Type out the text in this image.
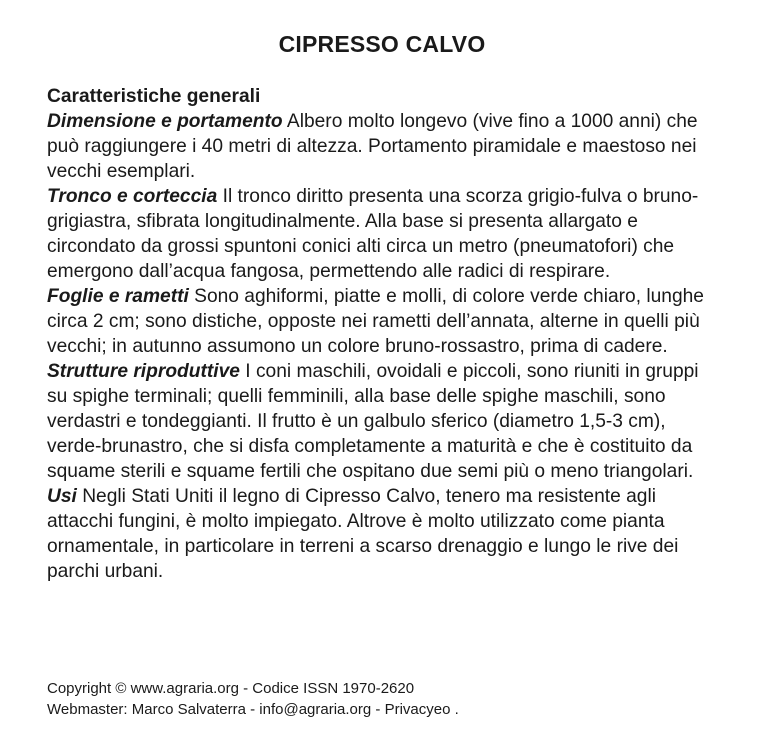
CIPRESSO CALVO
Caratteristiche generali
Dimensione e portamento Albero molto longevo (vive fino a 1000 anni) che può raggiungere i 40 metri di altezza. Portamento piramidale e maestoso nei vecchi esemplari.
Tronco e corteccia Il tronco diritto presenta una scorza grigio-fulva o bruno-grigiastra, sfibrata longitudinalmente. Alla base si presenta allargato e circondato da grossi spuntoni conici alti circa un metro (pneumatofori) che emergono dall’acqua fangosa, permettendo alle radici di respirare.
Foglie e rametti Sono aghiformi, piatte e molli, di colore verde chiaro, lunghe circa 2 cm; sono distiche, opposte nei rametti dell’annata, alterne in quelli più vecchi; in autunno assumono un colore bruno-rossastro, prima di cadere.
Strutture riproduttive I coni maschili, ovoidali e piccoli, sono riuniti in gruppi su spighe terminali; quelli femminili, alla base delle spighe maschili, sono verdastri e tondeggianti. Il frutto è un galbulo sferico (diametro 1,5-3 cm), verde-brunastro, che si disfa completamente a maturità e che è costituito da squame sterili e squame fertili che ospitano due semi più o meno triangolari.
Usi Negli Stati Uniti il legno di Cipresso Calvo, tenero ma resistente agli attacchi fungini, è molto impiegato. Altrove è molto utilizzato come pianta ornamentale, in particolare in terreni a scarso drenaggio e lungo le rive dei parchi urbani.
Copyright © www.agraria.org - Codice ISSN 1970-2620
Webmaster: Marco Salvaterra - info@agraria.org - Privacyeo .
